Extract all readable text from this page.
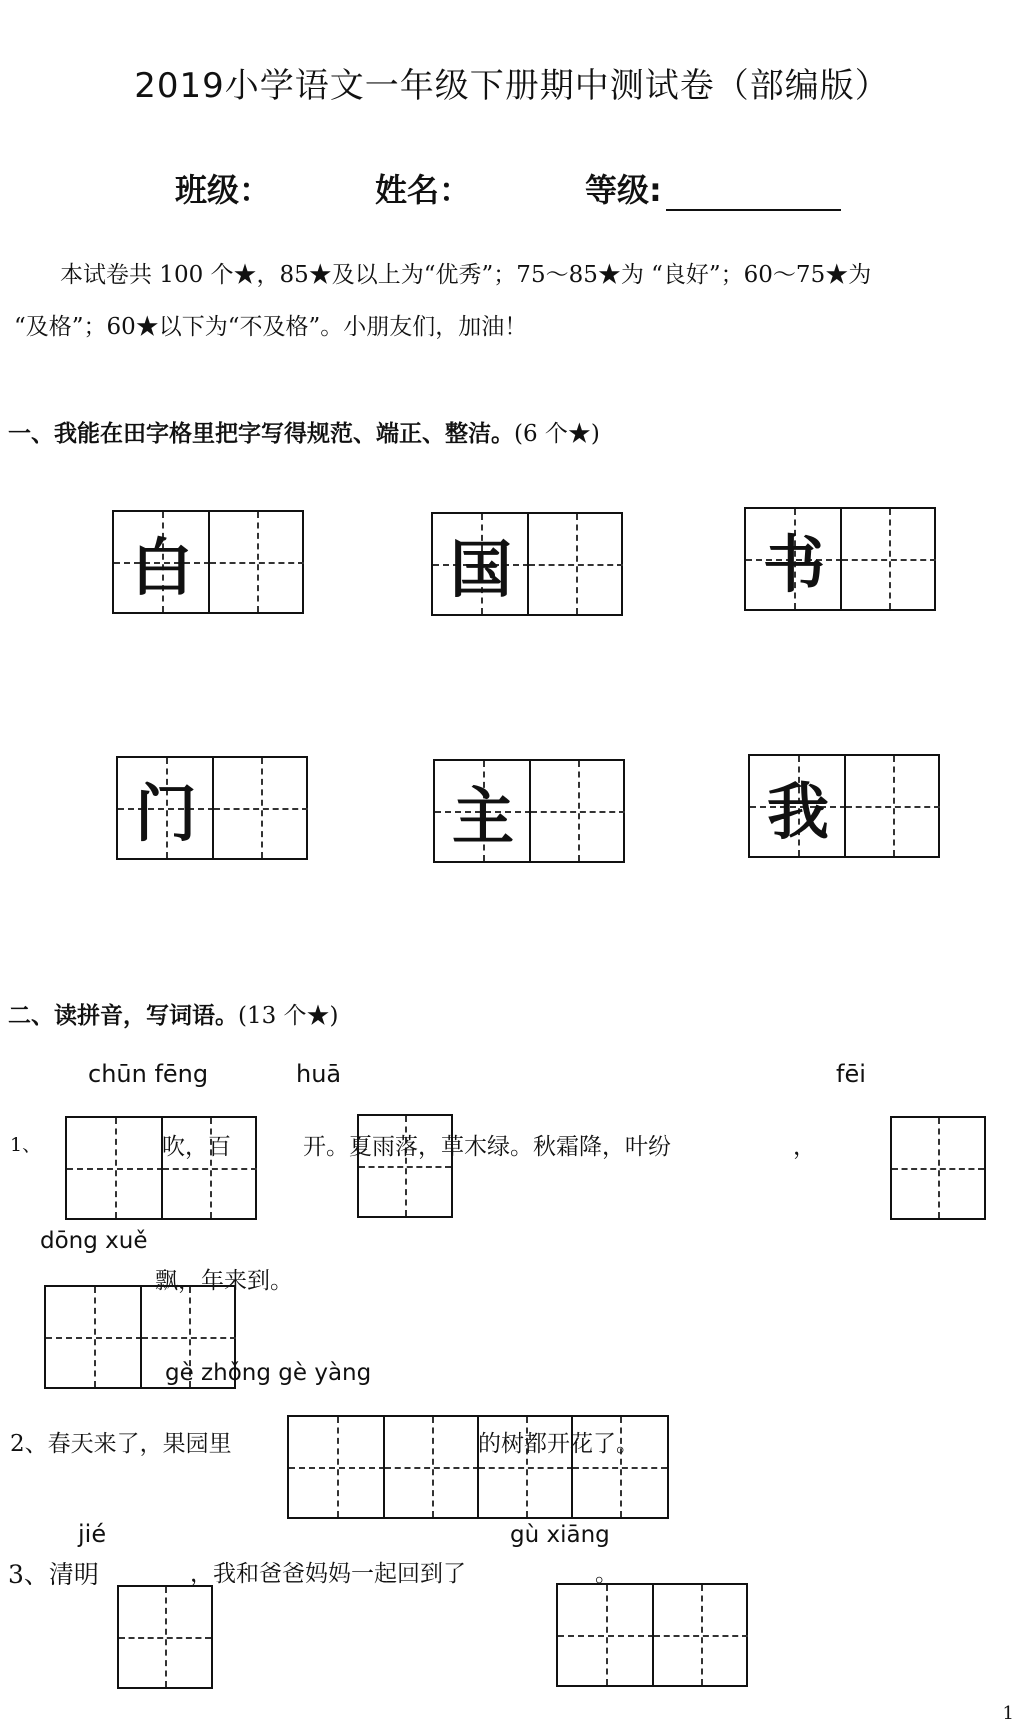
2019小学语文一年级下册期中测试卷（部编版）
班级：	姓名：	等级:
本试卷共 100 个★，85★及以上为“优秀”；75～85★为 “良好”；60～75★为
“及格”；60★以下为“不及格”。小朋友们，加油！
一、我能在田字格里把字写得规范、端正、整洁。(6 个★)
白	国	书
门	主	我
二、读拼音，写词语。(13 个★)
chūn fēng	huā	fēi
1、	吹，百	开。夏雨落，草木绿。秋霜降，叶纷	，
dōng xuě
飘，年来到。
gè zhǒng gè yàng
2、春天来了，果园里	的树都开花了。
jié	gù xiāng
3、清明	，我和爸爸妈妈一起回到了	。
1
